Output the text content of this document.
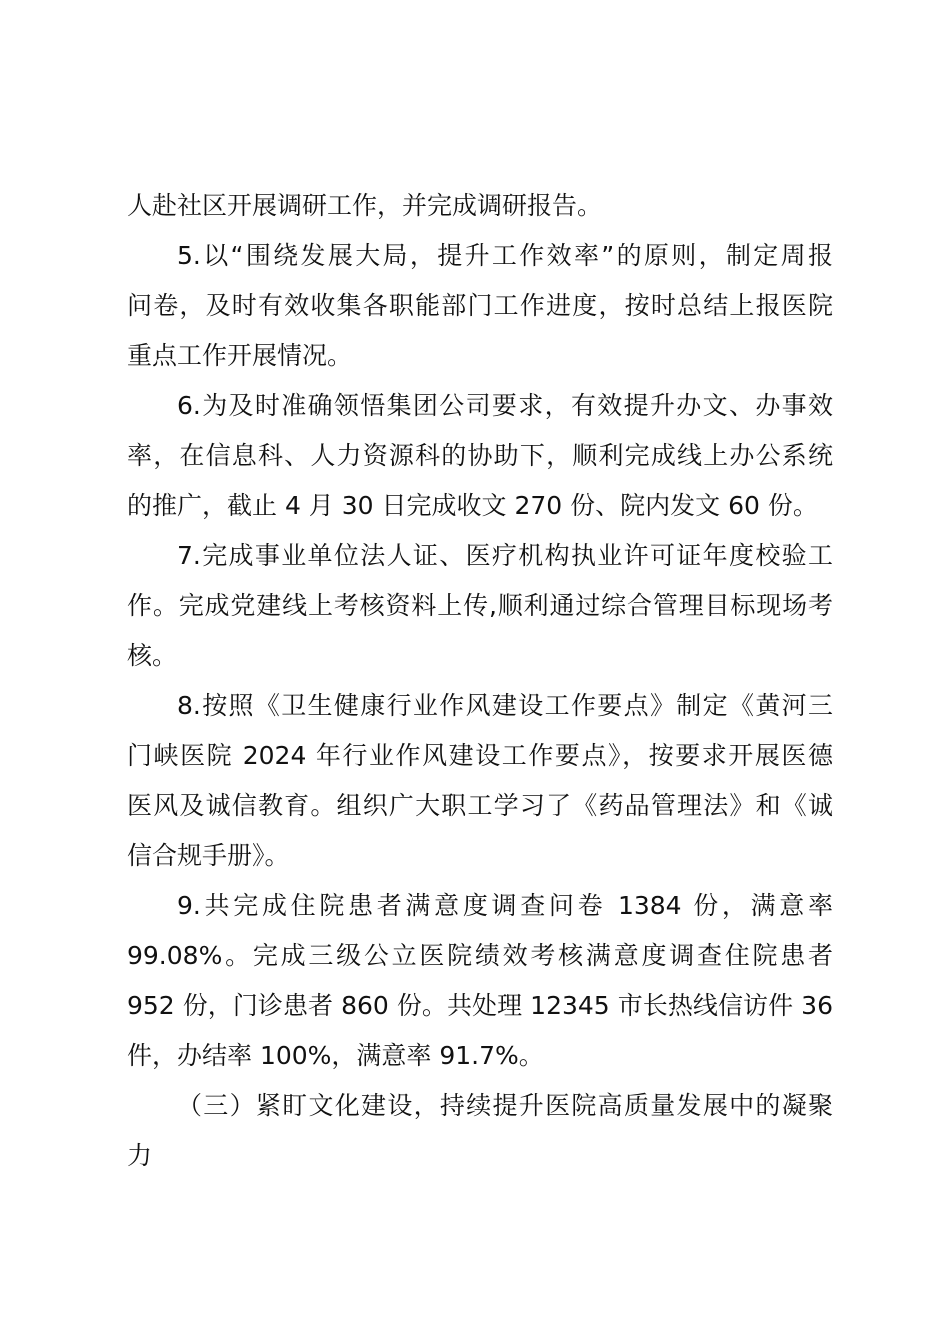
人赴社区开展调研工作，并完成调研报告。
5.以“围绕发展大局，提升工作效率”的原则，制定周报
问卷，及时有效收集各职能部门工作进度，按时总结上报医院
重点工作开展情况。
6.为及时准确领悟集团公司要求，有效提升办文、办事效
率，在信息科、人力资源科的协助下，顺利完成线上办公系统
的推广，截止 4 月 30 日完成收文 270 份、院内发文 60 份。
7.完成事业单位法人证、医疗机构执业许可证年度校验工
作。完成党建线上考核资料上传,顺利通过综合管理目标现场考
核。
8.按照《卫生健康行业作风建设工作要点》制定《黄河三
门峡医院 2024 年行业作风建设工作要点》，按要求开展医德
医风及诚信教育。组织广大职工学习了《药品管理法》和《诚
信合规手册》。
9.共完成住院患者满意度调查问卷 1384 份，满意率
99.08%。完成三级公立医院绩效考核满意度调查住院患者
952 份，门诊患者 860 份。共处理 12345 市长热线信访件 36
件，办结率 100%，满意率 91.7%。
（三）紧盯文化建设，持续提升医院高质量发展中的凝聚
力
